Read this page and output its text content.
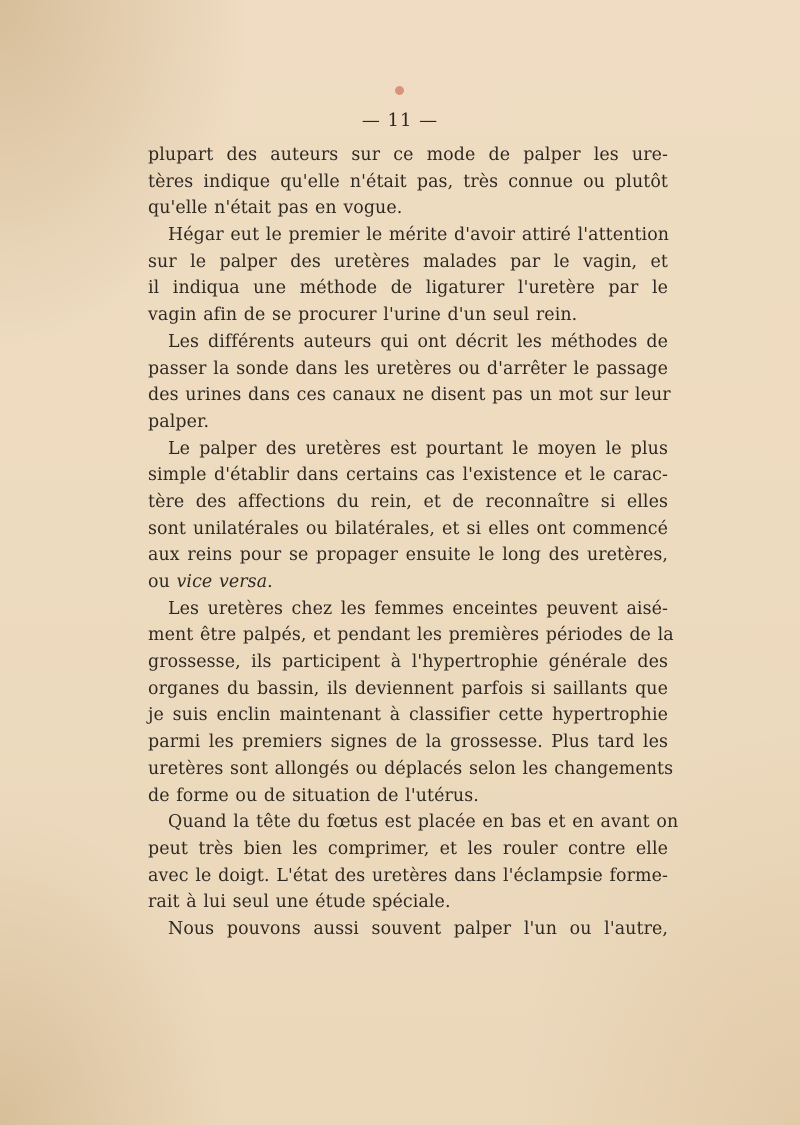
— 11 —
plupart des auteurs sur ce mode de palper les ure-
tères indique qu'elle n'était pas, très connue ou plutôt
qu'elle n'était pas en vogue.
Hégar eut le premier le mérite d'avoir attiré l'attention
sur le palper des uretères malades par le vagin, et
il indiqua une méthode de ligaturer l'uretère par le
vagin afin de se procurer l'urine d'un seul rein.
Les différents auteurs qui ont décrit les méthodes de
passer la sonde dans les uretères ou d'arrêter le passage
des urines dans ces canaux ne disent pas un mot sur leur
palper.
Le palper des uretères est pourtant le moyen le plus
simple d'établir dans certains cas l'existence et le carac-
tère des affections du rein, et de reconnaître si elles
sont unilatérales ou bilatérales, et si elles ont commencé
aux reins pour se propager ensuite le long des uretères,
ou vice versa.
Les uretères chez les femmes enceintes peuvent aisé-
ment être palpés, et pendant les premières périodes de la
grossesse, ils participent à l'hypertrophie générale des
organes du bassin, ils deviennent parfois si saillants que
je suis enclin maintenant à classifier cette hypertrophie
parmi les premiers signes de la grossesse. Plus tard les
uretères sont allongés ou déplacés selon les changements
de forme ou de situation de l'utérus.
Quand la tête du fœtus est placée en bas et en avant on
peut très bien les comprimer, et les rouler contre elle
avec le doigt. L'état des uretères dans l'éclampsie forme-
rait à lui seul une étude spéciale.
Nous pouvons aussi souvent palper l'un ou l'autre,
